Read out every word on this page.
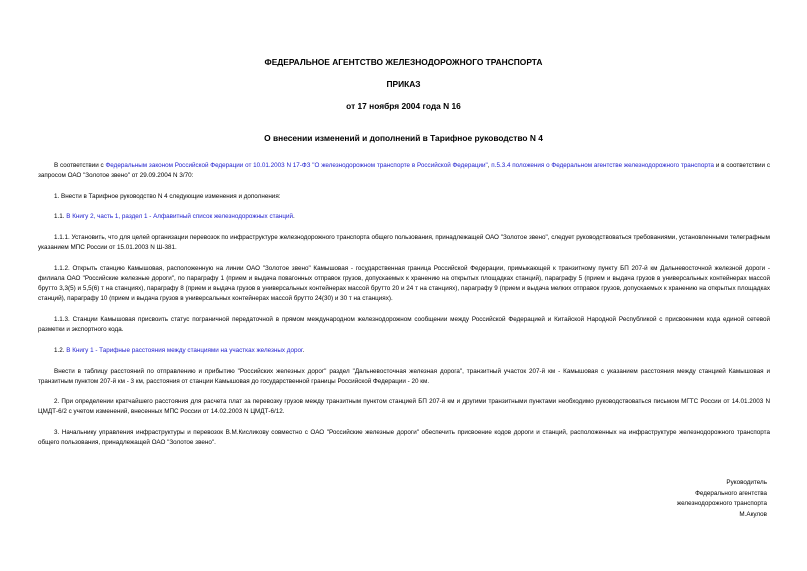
ФЕДЕРАЛЬНОЕ АГЕНТСТВО ЖЕЛЕЗНОДОРОЖНОГО ТРАНСПОРТА
ПРИКАЗ
от 17 ноября 2004 года N 16
О внесении изменений и дополнений в Тарифное руководство N 4
В соответствии с Федеральным законом Российской Федерации от 10.01.2003 N 17-ФЗ "О железнодорожном транспорте в Российской Федерации", п.5.3.4 положения о Федеральном агентстве железнодорожного транспорта и в соответствии с запросом ОАО "Золотое звено" от 29.09.2004 N 3/70:
1. Внести в Тарифное руководство N 4 следующие изменения и дополнения:
1.1. В Книгу 2, часть 1, раздел 1 - Алфавитный список железнодорожных станций.
1.1.1. Установить, что для целей организации перевозок по инфраструктуре железнодорожного транспорта общего пользования, принадлежащей ОАО "Золотое звено", следует руководствоваться требованиями, установленными телеграфным указанием МПС России от 15.01.2003 N Ш-381.
1.1.2. Открыть станцию Камышовая, расположенную на линии ОАО "Золотое звено" Камышовая - государственная граница Российской Федерации, примыкающей к транзитному пункту БП 207-й км Дальневосточной железной дороги - филиала ОАО "Российские железные дороги", по параграфу 1 (прием и выдача повагонных отправок грузов, допускаемых к хранению на открытых площадках станций), параграфу 5 (прием и выдача грузов в универсальных контейнерах массой брутто 3,3(5) и 5,5(6) т на станциях), параграфу 8 (прием и выдача грузов в универсальных контейнерах массой брутто 20 и 24 т на станциях), параграфу 9 (прием и выдача мелких отправок грузов, допускаемых к хранению на открытых площадках станций), параграфу 10 (прием и выдача грузов в универсальных контейнерах массой брутто 24(30) и 30 т на станциях).
1.1.3. Станции Камышовая присвоить статус пограничной передаточной в прямом международном железнодорожном сообщении между Российской Федерацией и Китайской Народной Республикой с присвоением кода единой сетевой разметки и экспортного кода.
1.2. В Книгу 1 - Тарифные расстояния между станциями на участках железных дорог.
Внести в таблицу расстояний по отправлению и прибытию "Российских железных дорог" раздел "Дальневосточная железная дорога", транзитный участок 207-й км - Камышовая с указанием расстояния между станцией Камышовая и транзитным пунктом 207-й км - 3 км, расстояния от станции Камышовая до государственной границы Российской Федерации - 20 км.
2. При определении кратчайшего расстояния для расчета плат за перевозку грузов между транзитным пунктом станцией БП 207-й км и другими транзитными пунктами необходимо руководствоваться письмом МГТС России от 14.01.2003 N ЦМДТ-6/2 с учетом изменений, внесенных МПС России от 14.02.2003 N ЦМДТ-6/12.
3. Начальнику управления инфраструктуры и перевозок В.М.Кисликову совместно с ОАО "Российские железные дороги" обеспечить присвоение кодов дороги и станций, расположенных на инфраструктуре железнодорожного транспорта общего пользования, принадлежащей ОАО "Золотое звено".
Руководитель
Федерального агентства
железнодорожного транспорта
М.Акулов
